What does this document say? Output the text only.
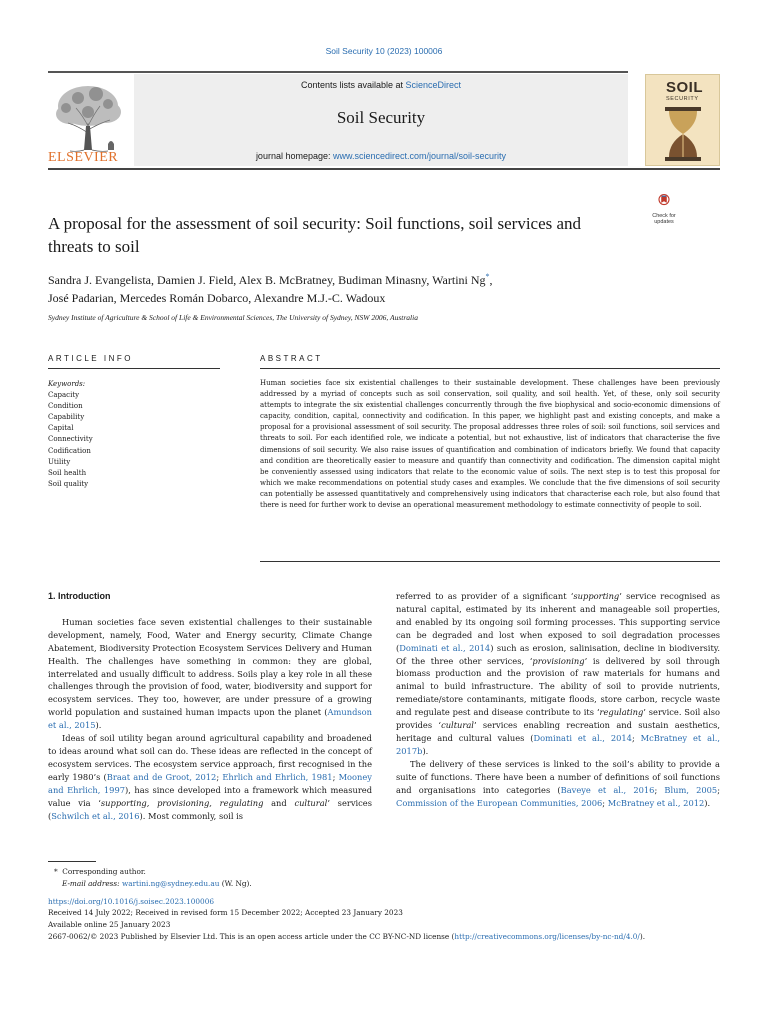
Soil Security 10 (2023) 100006
ELSEVIER
Contents lists available at ScienceDirect
Soil Security
journal homepage: www.sciencedirect.com/journal/soil-security
SOIL
SECURITY
A proposal for the assessment of soil security: Soil functions, soil services and threats to soil
Check for updates
Sandra J. Evangelista, Damien J. Field, Alex B. McBratney, Budiman Minasny, Wartini Ng*,
José Padarian, Mercedes Román Dobarco, Alexandre M.J.-C. Wadoux
Sydney Institute of Agriculture & School of Life & Environmental Sciences, The University of Sydney, NSW 2006, Australia
ARTICLE INFO	ABSTRACT
Keywords:
Capacity
Condition
Capability
Capital
Connectivity
Codification
Utility
Soil health
Soil quality
Human societies face six existential challenges to their sustainable development. These challenges have been previously addressed by a myriad of concepts such as soil conservation, soil quality, and soil health. Yet, of these, only soil security attempts to integrate the six existential challenges concurrently through the five biophysical and socio-economic dimensions of capacity, condition, capital, connectivity and codification. In this paper, we highlight past and existing concepts, and make a proposal for a provisional assessment of soil security. The proposal addresses three roles of soil: soil functions, soil services and threats to soil. For each identified role, we indicate a potential, but not exhaustive, list of indicators that characterise the five dimensions of soil security. We also raise issues of quantification and combination of indicators briefly. We found that capacity and condition are theoretically easier to measure and quantify than connectivity and codification. The dimension capital might be conveniently assessed using indicators that relate to the economic value of soils. The next step is to test this proposal for which we make recommendations on potential study cases and examples. We conclude that the five dimensions of soil security can potentially be assessed quantitatively and comprehensively using indicators that characterise each role, but also found that there is need for further work to devise an operational measurement methodology to estimate connectivity of people to soil.
1. Introduction

Human societies face seven existential challenges to their sustainable development, namely, Food, Water and Energy security, Climate Change Abatement, Biodiversity Protection Ecosystem Services Delivery and Human Health. The challenges have something in common: they are global, interrelated and usually difficult to address. Soils play a key role in all these challenges through the provision of food, water, biodiversity and support for ecosystem services. They too, however, are under pressure of a growing world population and sustained human impacts upon the planet (Amundson et al., 2015).

Ideas of soil utility began around agricultural capability and broadened to ideas around what soil can do. These ideas are reflected in the concept of ecosystem services. The ecosystem service approach, first recognised in the early 1980’s (Braat and de Groot, 2012; Ehrlich and Ehrlich, 1981; Mooney and Ehrlich, 1997), has since developed into a framework which measured value via ‘supporting, provisioning, regulating and cultural’ services (Schwilch et al., 2016). Most commonly, soil is

referred to as provider of a significant ‘supporting’ service recognised as natural capital, estimated by its inherent and manageable soil properties, and enabled by its ongoing soil forming processes. This supporting service can be degraded and lost when exposed to soil degradation processes (Dominati et al., 2014) such as erosion, salinisation, decline in biodiversity. Of the three other services, ‘provisioning’ is delivered by soil through biomass production and the provision of raw materials for humans and animal to build infrastructure. The ability of soil to provide nutrients, remediate/store contaminants, mitigate floods, store carbon, recycle waste and regulate pest and disease contribute to its ‘regulating’ service. Soil also provides ‘cultural’ services enabling recreation and sustain aesthetics, heritage and cultural values (Dominati et al., 2014; McBratney et al., 2017b).

The delivery of these services is linked to the soil’s ability to provide a suite of functions. There have been a number of definitions of soil functions and organisations into categories (Baveye et al., 2016; Blum, 2005; Commission of the European Communities, 2006; McBratney et al., 2012).

* Corresponding author.
E-mail address: wartini.ng@sydney.edu.au (W. Ng).
https://doi.org/10.1016/j.soisec.2023.100006
Received 14 July 2022; Received in revised form 15 December 2022; Accepted 23 January 2023
Available online 25 January 2023
2667-0062/© 2023 Published by Elsevier Ltd. This is an open access article under the CC BY-NC-ND license (http://creativecommons.org/licenses/by-nc-nd/4.0/).
